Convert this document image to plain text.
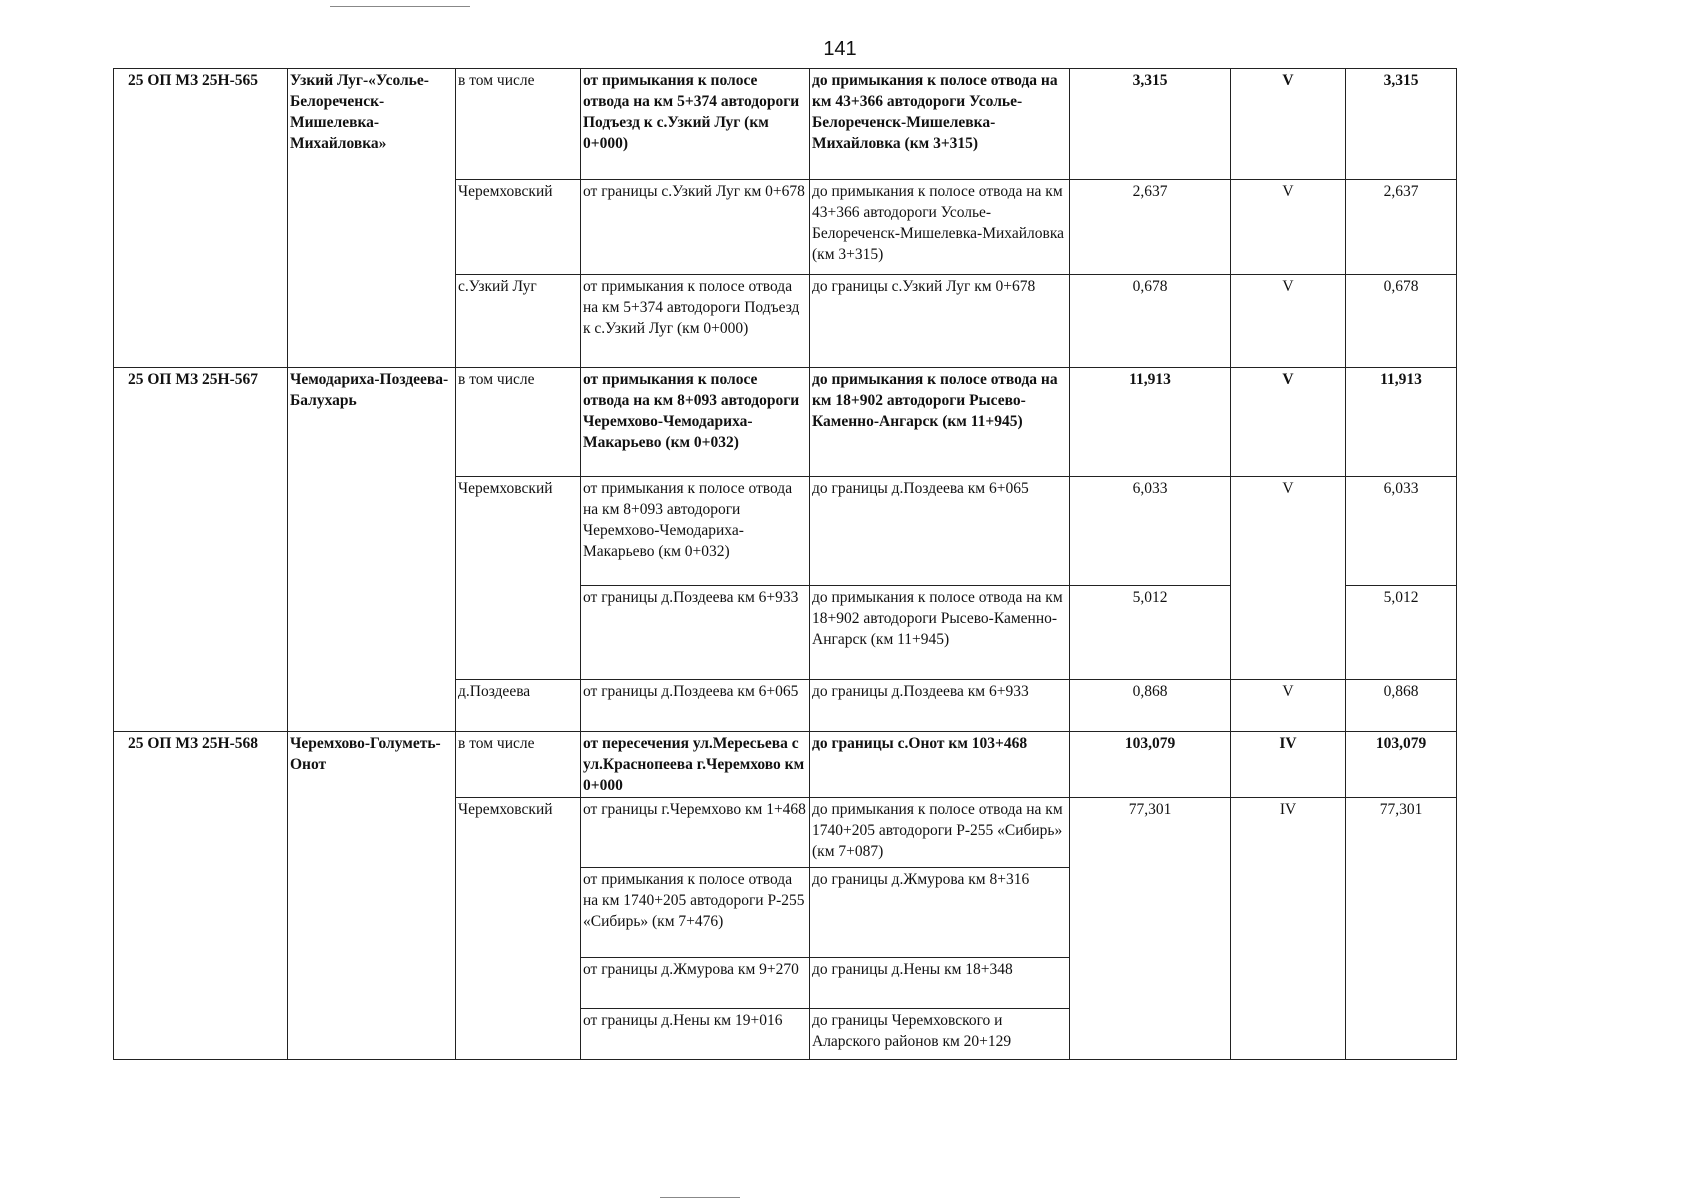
141
25 ОП МЗ 25Н-565	Узкий Луг-«Усолье-Белореченск-Мишелевка-Михайловка»	в том числе	от примыкания к полосе отвода на км 5+374 автодороги Подъезд к с.Узкий Луг (км 0+000)	до примыкания к полосе отвода на км 43+366 автодороги Усолье-Белореченск-Мишелевка-Михайловка (км 3+315)	3,315	V	3,315
		Черемховский	от границы с.Узкий Луг км 0+678	до примыкания к полосе отвода на км 43+366 автодороги Усолье-Белореченск-Мишелевка-Михайловка (км 3+315)	2,637	V	2,637
		с.Узкий Луг	от примыкания к полосе отвода на км 5+374 автодороги Подъезд к с.Узкий Луг (км 0+000)	до границы с.Узкий Луг км 0+678	0,678	V	0,678
25 ОП МЗ 25Н-567	Чемодариха-Поздеева-Балухарь	в том числе	от примыкания к полосе отвода на км 8+093 автодороги Черемхово-Чемодариха-Макарьево (км 0+032)	до примыкания к полосе отвода на км 18+902 автодороги Рысево-Каменно-Ангарск (км 11+945)	11,913	V	11,913
		Черемховский	от примыкания к полосе отвода на км 8+093 автодороги Черемхово-Чемодариха-Макарьево (км 0+032)	до границы д.Поздеева км 6+065	6,033	V	6,033
			от границы д.Поздеева км 6+933	до примыкания к полосе отвода на км 18+902 автодороги Рысево-Каменно-Ангарск (км 11+945)	5,012		5,012
		д.Поздеева	от границы д.Поздеева км 6+065	до границы д.Поздеева км 6+933	0,868	V	0,868
25 ОП МЗ 25Н-568	Черемхово-Голуметь-Онот	в том числе	от пересечения ул.Мересьева с ул.Краснопеева г.Черемхово км 0+000	до границы с.Онот км 103+468	103,079	IV	103,079
		Черемховский	от границы г.Черемхово км 1+468	до примыкания к полосе отвода на км 1740+205 автодороги Р-255 «Сибирь» (км 7+087)	77,301	IV	77,301
			от примыкания к полосе отвода на км 1740+205 автодороги Р-255 «Сибирь» (км 7+476)	до границы д.Жмурова км 8+316			
			от границы д.Жмурова км 9+270	до границы д.Нены км 18+348			
			от границы д.Нены км 19+016	до границы Черемховского и Аларского районов км 20+129			
